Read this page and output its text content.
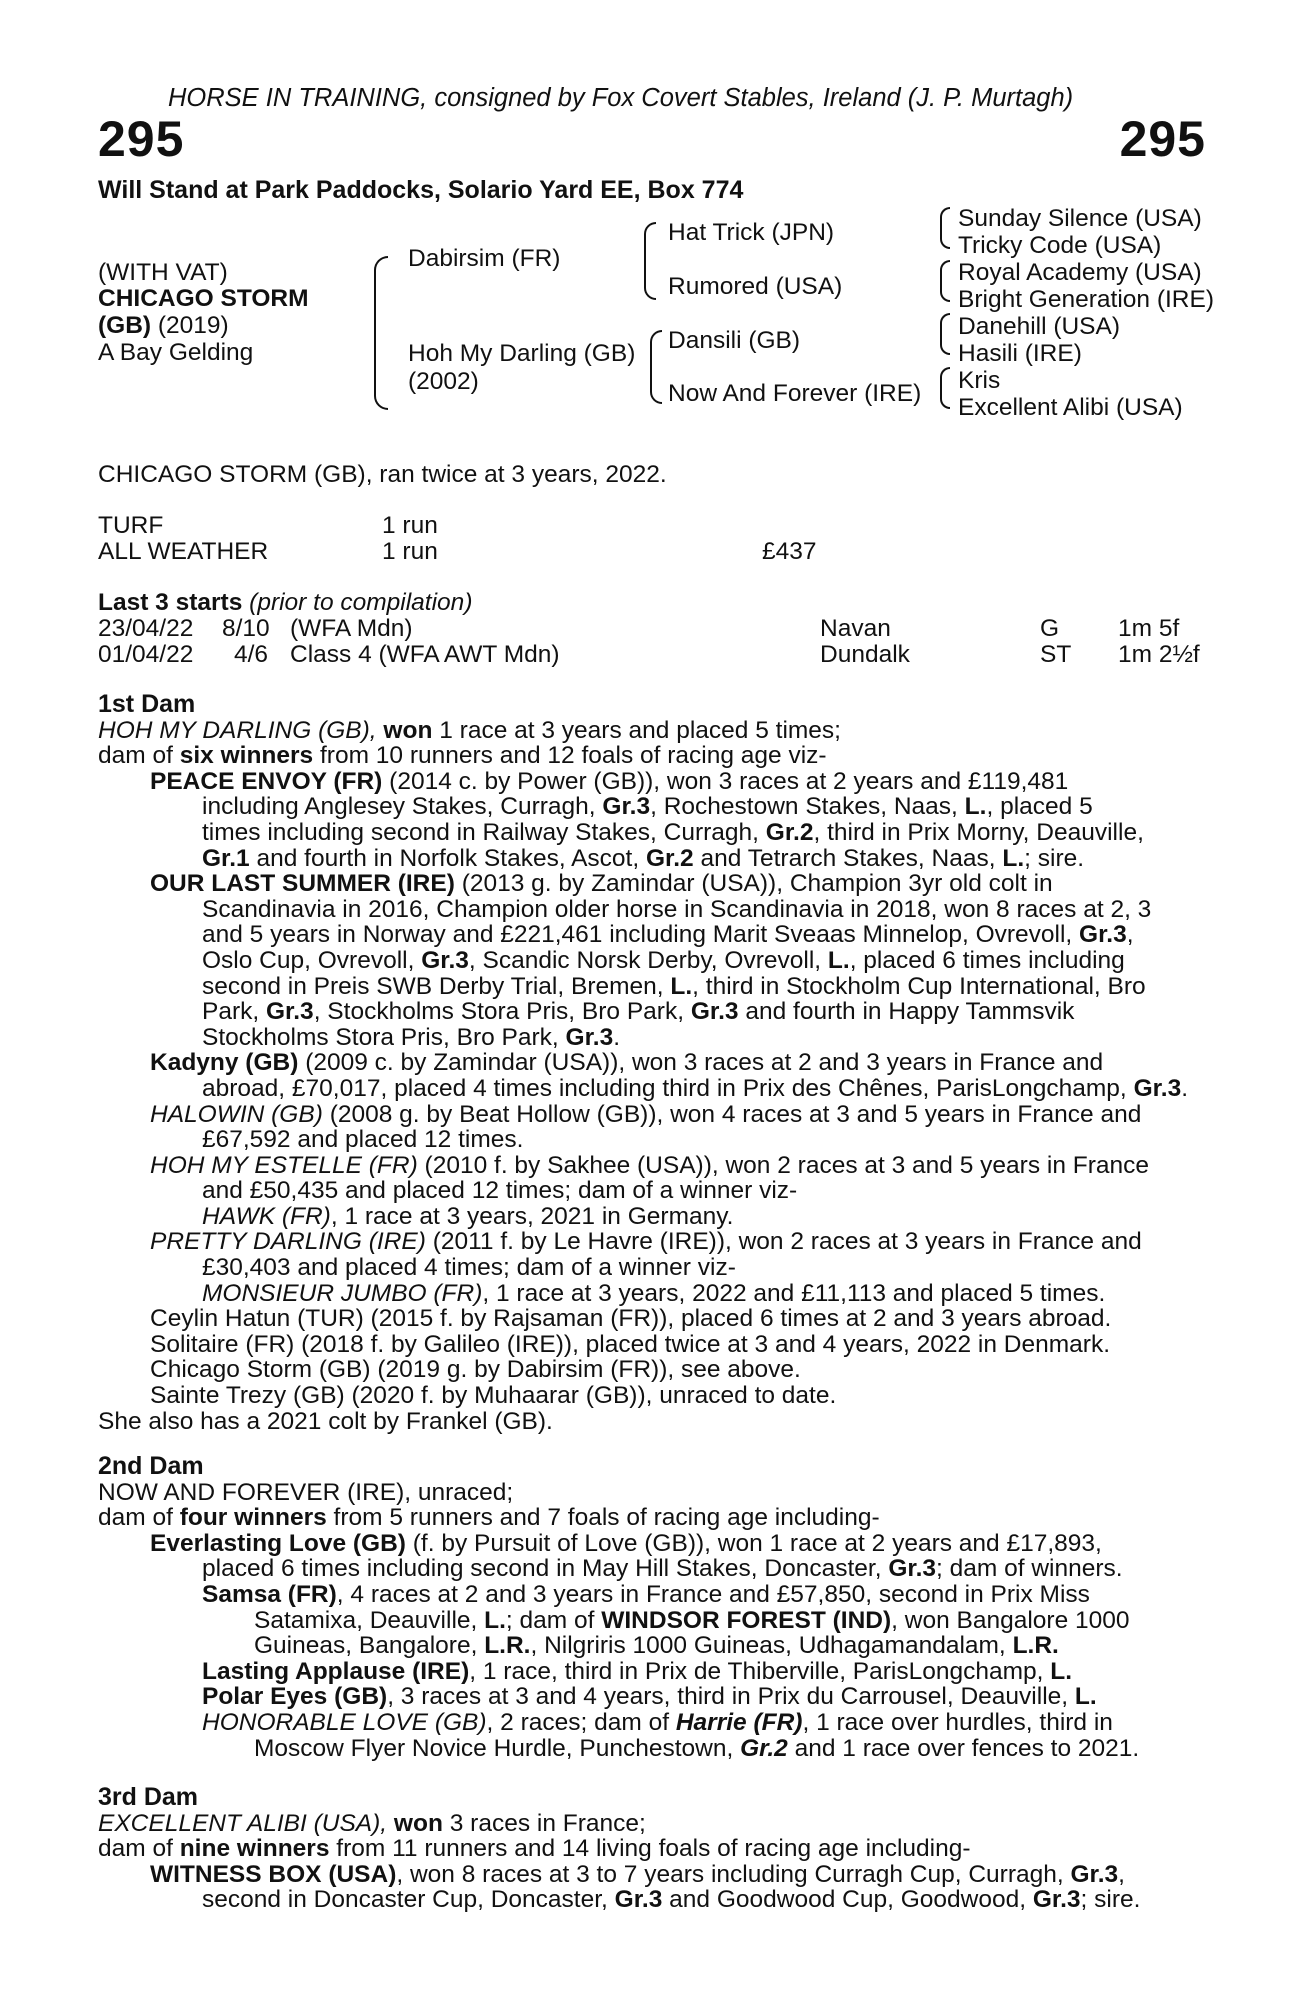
HORSE IN TRAINING, consigned by Fox Covert Stables, Ireland (J. P. Murtagh)
295	295
Will Stand at Park Paddocks, Solario Yard EE, Box 774
(WITH VAT)
CHICAGO STORM
(GB) (2019)
A Bay Gelding
Dabirsim (FR)
Hoh My Darling (GB)
(2002)
Hat Trick (JPN)
Rumored (USA)
Dansili (GB)
Now And Forever (IRE)
Sunday Silence (USA)
Tricky Code (USA)
Royal Academy (USA)
Bright Generation (IRE)
Danehill (USA)
Hasili (IRE)
Kris
Excellent Alibi (USA)
CHICAGO STORM (GB), ran twice at 3 years, 2022.
TURF	1 run
ALL WEATHER	1 run	£437
Last 3 starts (prior to compilation)
23/04/22 8/10 (WFA Mdn)	Navan	G 1m 5f
01/04/22 4/6 Class 4 (WFA AWT Mdn)	Dundalk	ST 1m 2½f

1st Dam

HOH MY DARLING (GB), won 1 race at 3 years and placed 5 times;

dam of six winners from 10 runners and 12 foals of racing age viz-

PEACE ENVOY (FR) (2014 c. by Power (GB)), won 3 races at 2 years and £119,481

including Anglesey Stakes, Curragh, Gr.3, Rochestown Stakes, Naas, L., placed 5

times including second in Railway Stakes, Curragh, Gr.2, third in Prix Morny, Deauville,

Gr.1 and fourth in Norfolk Stakes, Ascot, Gr.2 and Tetrarch Stakes, Naas, L.; sire.

OUR LAST SUMMER (IRE) (2013 g. by Zamindar (USA)), Champion 3yr old colt in

Scandinavia in 2016, Champion older horse in Scandinavia in 2018, won 8 races at 2, 3

and 5 years in Norway and £221,461 including Marit Sveaas Minnelop, Ovrevoll, Gr.3,

Oslo Cup, Ovrevoll, Gr.3, Scandic Norsk Derby, Ovrevoll, L., placed 6 times including

second in Preis SWB Derby Trial, Bremen, L., third in Stockholm Cup International, Bro

Park, Gr.3, Stockholms Stora Pris, Bro Park, Gr.3 and fourth in Happy Tammsvik

Stockholms Stora Pris, Bro Park, Gr.3.

Kadyny (GB) (2009 c. by Zamindar (USA)), won 3 races at 2 and 3 years in France and

abroad, £70,017, placed 4 times including third in Prix des Chênes, ParisLongchamp, Gr.3.

HALOWIN (GB) (2008 g. by Beat Hollow (GB)), won 4 races at 3 and 5 years in France and

£67,592 and placed 12 times.

HOH MY ESTELLE (FR) (2010 f. by Sakhee (USA)), won 2 races at 3 and 5 years in France

and £50,435 and placed 12 times; dam of a winner viz-

HAWK (FR), 1 race at 3 years, 2021 in Germany.

PRETTY DARLING (IRE) (2011 f. by Le Havre (IRE)), won 2 races at 3 years in France and

£30,403 and placed 4 times; dam of a winner viz-

MONSIEUR JUMBO (FR), 1 race at 3 years, 2022 and £11,113 and placed 5 times.

Ceylin Hatun (TUR) (2015 f. by Rajsaman (FR)), placed 6 times at 2 and 3 years abroad.

Solitaire (FR) (2018 f. by Galileo (IRE)), placed twice at 3 and 4 years, 2022 in Denmark.

Chicago Storm (GB) (2019 g. by Dabirsim (FR)), see above.

Sainte Trezy (GB) (2020 f. by Muhaarar (GB)), unraced to date.

She also has a 2021 colt by Frankel (GB).

2nd Dam

NOW AND FOREVER (IRE), unraced;

dam of four winners from 5 runners and 7 foals of racing age including-

Everlasting Love (GB) (f. by Pursuit of Love (GB)), won 1 race at 2 years and £17,893,

placed 6 times including second in May Hill Stakes, Doncaster, Gr.3; dam of winners.

Samsa (FR), 4 races at 2 and 3 years in France and £57,850, second in Prix Miss

Satamixa, Deauville, L.; dam of WINDSOR FOREST (IND), won Bangalore 1000

Guineas, Bangalore, L.R., Nilgriris 1000 Guineas, Udhagamandalam, L.R.

Lasting Applause (IRE), 1 race, third in Prix de Thiberville, ParisLongchamp, L.

Polar Eyes (GB), 3 races at 3 and 4 years, third in Prix du Carrousel, Deauville, L.

HONORABLE LOVE (GB), 2 races; dam of Harrie (FR), 1 race over hurdles, third in

Moscow Flyer Novice Hurdle, Punchestown, Gr.2 and 1 race over fences to 2021.

3rd Dam

EXCELLENT ALIBI (USA), won 3 races in France;

dam of nine winners from 11 runners and 14 living foals of racing age including-

WITNESS BOX (USA), won 8 races at 3 to 7 years including Curragh Cup, Curragh, Gr.3,

second in Doncaster Cup, Doncaster, Gr.3 and Goodwood Cup, Goodwood, Gr.3; sire.
